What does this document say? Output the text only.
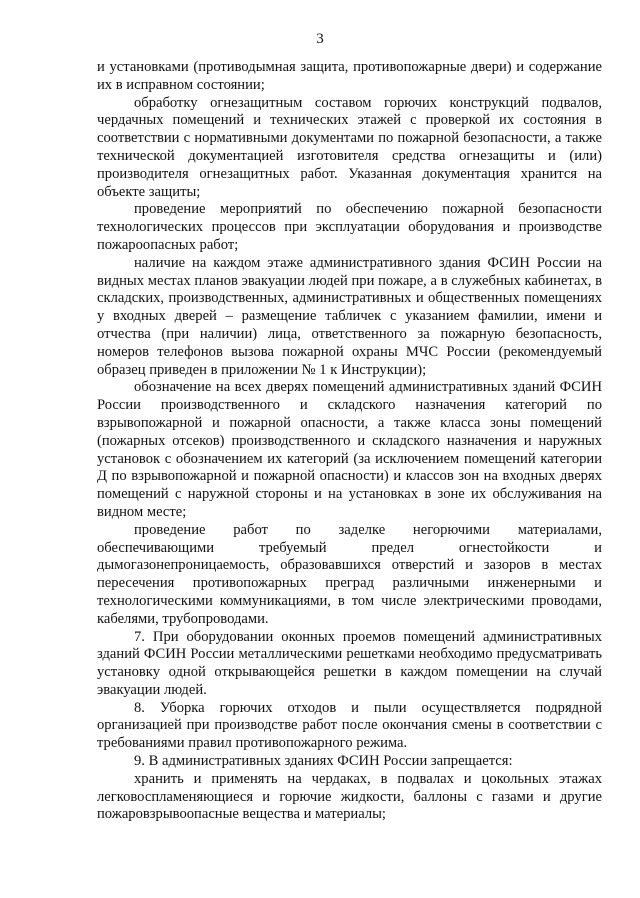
3

и установками (противодымная защита, противопожарные двери) и содержание их в исправном состоянии;

обработку огнезащитным составом горючих конструкций подвалов, чердачных помещений и технических этажей с проверкой их состояния в соответствии с нормативными документами по пожарной безопасности, а также технической документацией изготовителя средства огнезащиты и (или) производителя огнезащитных работ. Указанная документация хранится на объекте защиты;

проведение мероприятий по обеспечению пожарной безопасности технологических процессов при эксплуатации оборудования и производстве пожароопасных работ;

наличие на каждом этаже административного здания ФСИН России на видных местах планов эвакуации людей при пожаре, а в служебных кабинетах, в складских, производственных, административных и общественных помещениях у входных дверей – размещение табличек с указанием фамилии, имени и отчества (при наличии) лица, ответственного за пожарную безопасность, номеров телефонов вызова пожарной охраны МЧС России (рекомендуемый образец приведен в приложении № 1 к Инструкции);

обозначение на всех дверях помещений административных зданий ФСИН России производственного и складского назначения категорий по взрывопожарной и пожарной опасности, а также класса зоны помещений (пожарных отсеков) производственного и складского назначения и наружных установок с обозначением их категорий (за исключением помещений категории Д по взрывопожарной и пожарной опасности) и классов зон на входных дверях помещений с наружной стороны и на установках в зоне их обслуживания на видном месте;

проведение работ по заделке негорючими материалами, обеспечивающими требуемый предел огнестойкости и дымогазонепроницаемость, образовавшихся отверстий и зазоров в местах пересечения противопожарных преград различными инженерными и технологическими коммуникациями, в том числе электрическими проводами, кабелями, трубопроводами.

7. При оборудовании оконных проемов помещений административных зданий ФСИН России металлическими решетками необходимо предусматривать установку одной открывающейся решетки в каждом помещении на случай эвакуации людей.

8. Уборка горючих отходов и пыли осуществляется подрядной организацией при производстве работ после окончания смены в соответствии с требованиями правил противопожарного режима.

9. В административных зданиях ФСИН России запрещается:

хранить и применять на чердаках, в подвалах и цокольных этажах легковоспламеняющиеся и горючие жидкости, баллоны с газами и другие пожаровзрывоопасные вещества и материалы;
